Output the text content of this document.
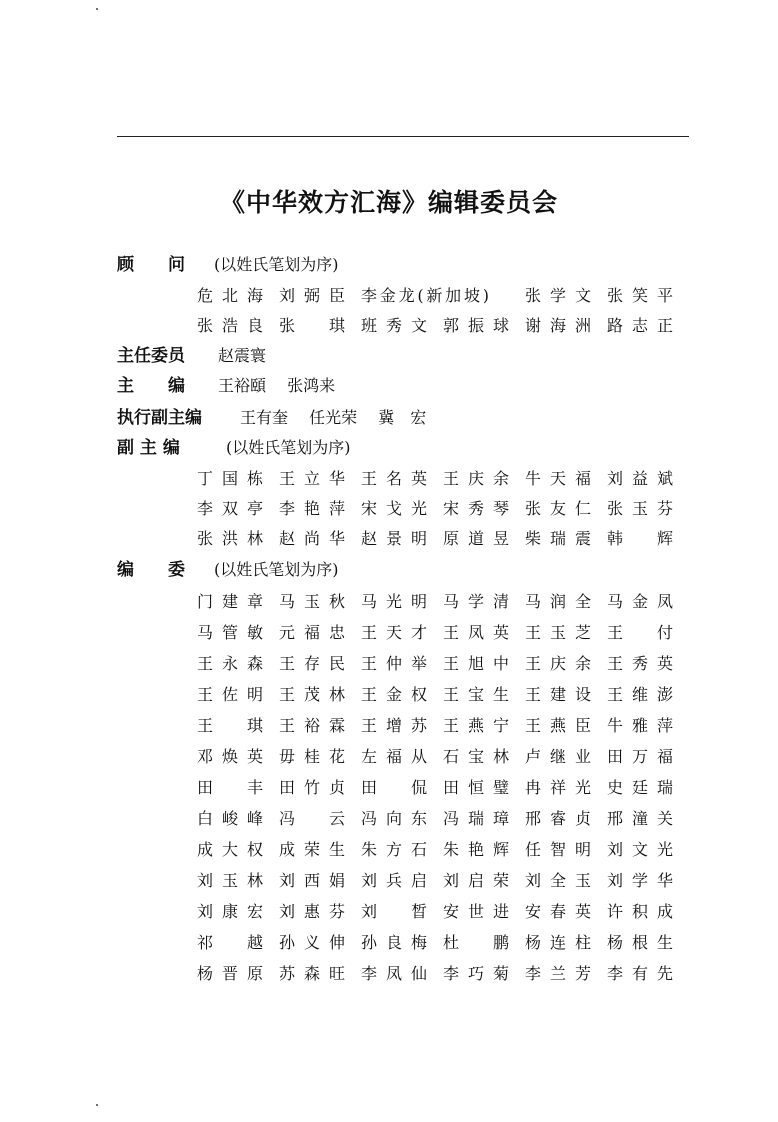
《中华效方汇海》编辑委员会
顾　　问 (以姓氏笔划为序)
危北海 刘弼臣 李金龙(新加坡) 张学文 张笑平
张浩良 张　琪 班秀文 郭振球 谢海洲 路志正
主任委员 赵震寰
主　　编 王裕頤 张鸿来
执行副主编 王有奎 任光荣 冀　宏
副 主 编	(以姓氏笔划为序)
丁国栋 王立华 王名英 王庆余 牛天福 刘益斌
李双亭 李艳萍 宋戈光 宋秀琴 张友仁 张玉芬
张洪林 赵尚华 赵景明 原道昱 柴瑞震 韩　辉
编　　委 (以姓氏笔划为序)
门建章 马玉秋 马光明 马学清 马润全 马金凤
马管敏 元福忠 王天才 王凤英 王玉芝 王　付
王永森 王存民 王仲举 王旭中 王庆余 王秀英
王佐明 王茂林 王金权 王宝生 王建设 王维澎
王　琪 王裕霖 王增苏 王燕宁 王燕臣 牛雅萍
邓焕英 毋桂花 左福从 石宝林 卢继业 田万福
田　丰 田竹贞 田　侃 田恒璧 冉祥光 史廷瑞
白峻峰 冯　云 冯向东 冯瑞璋 邢睿贞 邢潼关
成大权 成荣生 朱方石 朱艳辉 任智明 刘文光
刘玉林 刘西娟 刘兵启 刘启荣 刘全玉 刘学华
刘康宏 刘惠芬 刘　晳 安世进 安春英 许积成
祁　越 孙义伸 孙良梅 杜　鹏 杨连柱 杨根生
杨晋原 苏森旺 李凤仙 李巧菊 李兰芳 李有先
